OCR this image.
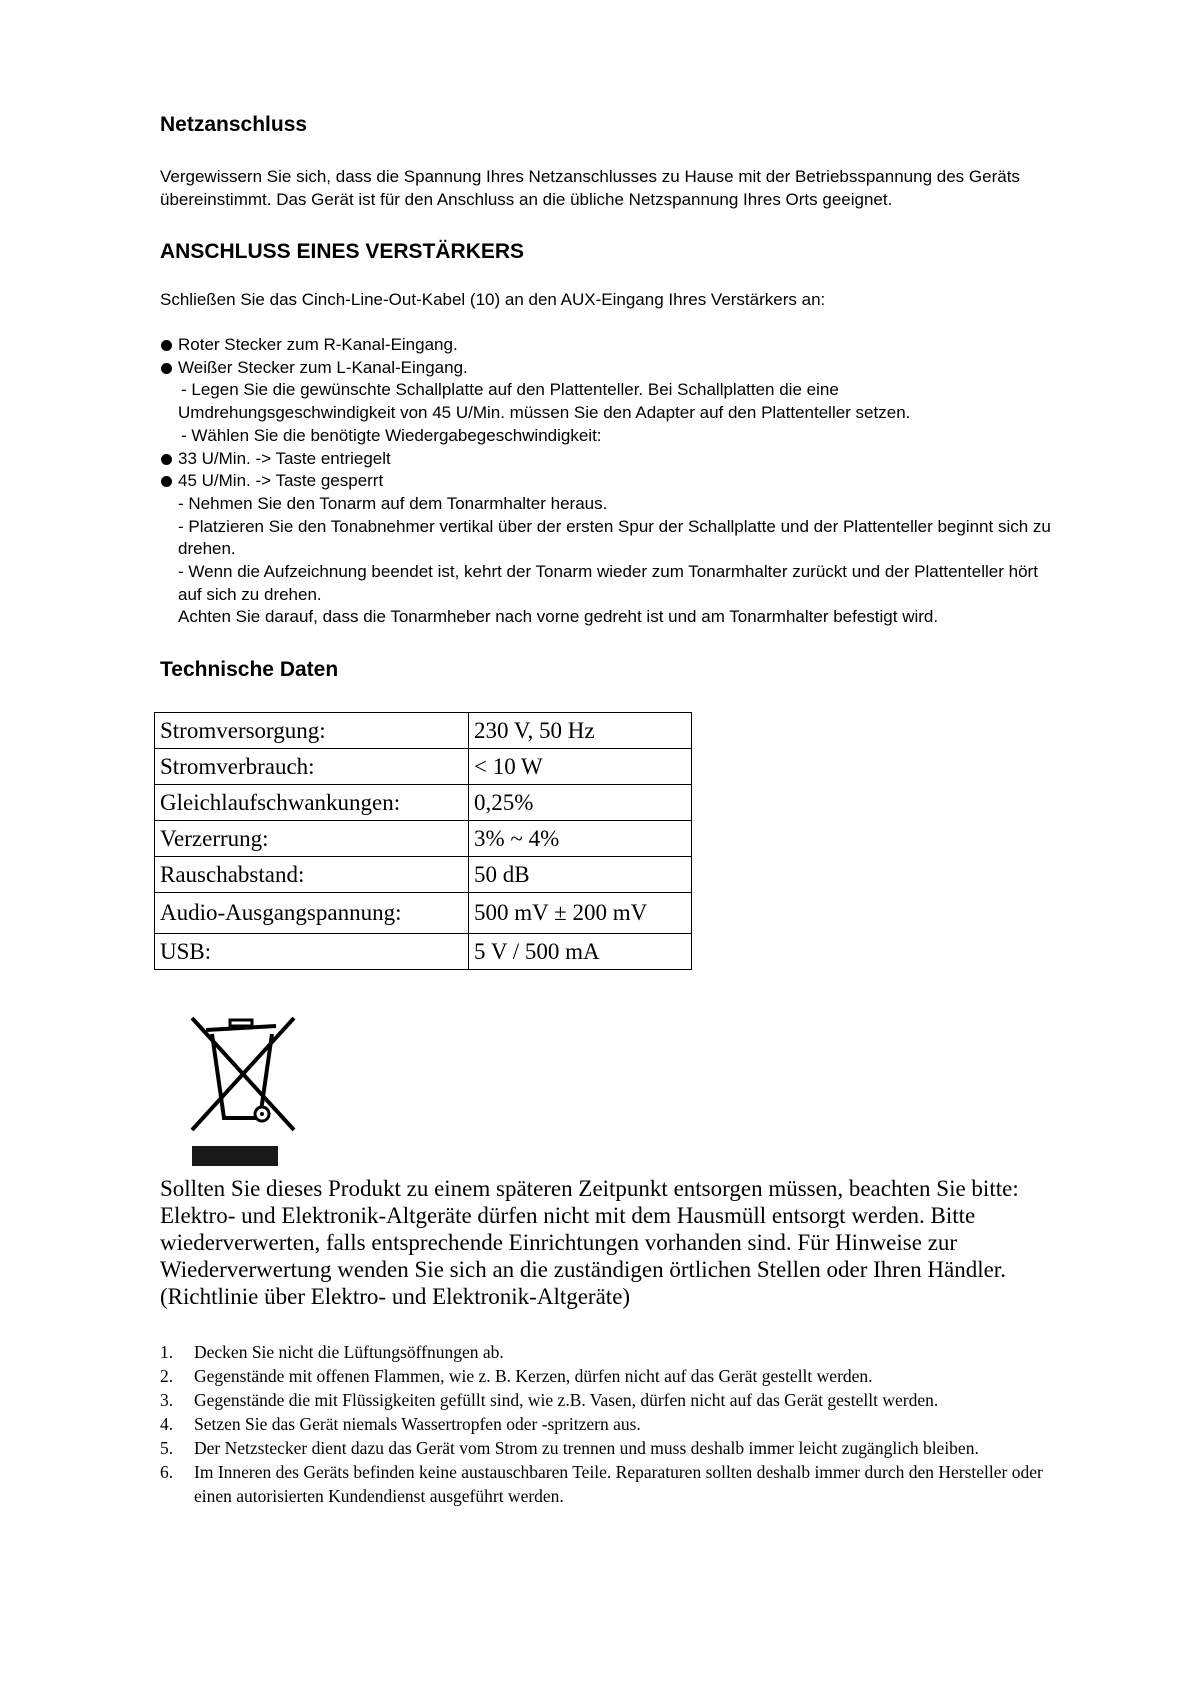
Netzanschluss

Vergewissern Sie sich, dass die Spannung Ihres Netzanschlusses zu Hause mit der Betriebsspannung des Geräts übereinstimmt. Das Gerät ist für den Anschluss an die übliche Netzspannung Ihres Orts geeignet.

ANSCHLUSS EINES VERSTÄRKERS

Schließen Sie das Cinch-Line-Out-Kabel (10) an den AUX-Eingang Ihres Verstärkers an:

Roter Stecker zum R-Kanal-Eingang.
Weißer Stecker zum L-Kanal-Eingang.
- Legen Sie die gewünschte Schallplatte auf den Plattenteller. Bei Schallplatten die eine Umdrehungsgeschwindigkeit von 45 U/Min. müssen Sie den Adapter auf den Plattenteller setzen.
- Wählen Sie die benötigte Wiedergabegeschwindigkeit:
33 U/Min. -> Taste entriegelt
45 U/Min. -> Taste gesperrt
- Nehmen Sie den Tonarm auf dem Tonarmhalter heraus.
- Platzieren Sie den Tonabnehmer vertikal über der ersten Spur der Schallplatte und der Plattenteller beginnt sich zu drehen.
- Wenn die Aufzeichnung beendet ist, kehrt der Tonarm wieder zum Tonarmhalter zurückt und der Plattenteller hört auf sich zu drehen.
Achten Sie darauf, dass die Tonarmheber nach vorne gedreht ist und am Tonarmhalter befestigt wird.
Technische Daten
Stromversorgung:	230 V, 50 Hz
Stromverbrauch:	< 10 W
Gleichlaufschwankungen:	0,25%
Verzerrung:	3% ~ 4%
Rauschabstand:	50 dB
Audio-Ausgangspannung:	500 mV ± 200 mV
USB:	5 V / 500 mA

Sollten Sie dieses Produkt zu einem späteren Zeitpunkt entsorgen müssen, beachten Sie bitte: Elektro- und Elektronik-Altgeräte dürfen nicht mit dem Hausmüll entsorgt werden. Bitte wiederverwerten, falls entsprechende Einrichtungen vorhanden sind. Für Hinweise zur Wiederverwertung wenden Sie sich an die zuständigen örtlichen Stellen oder Ihren Händler. (Richtlinie über Elektro- und Elektronik-Altgeräte)

1. Decken Sie nicht die Lüftungsöffnungen ab.
2. Gegenstände mit offenen Flammen, wie z. B. Kerzen, dürfen nicht auf das Gerät gestellt werden.
3. Gegenstände die mit Flüssigkeiten gefüllt sind, wie z.B. Vasen, dürfen nicht auf das Gerät gestellt werden.
4. Setzen Sie das Gerät niemals Wassertropfen oder -spritzern aus.
5. Der Netzstecker dient dazu das Gerät vom Strom zu trennen und muss deshalb immer leicht zugänglich bleiben.
6. Im Inneren des Geräts befinden keine austauschbaren Teile. Reparaturen sollten deshalb immer durch den Hersteller oder einen autorisierten Kundendienst ausgeführt werden.
